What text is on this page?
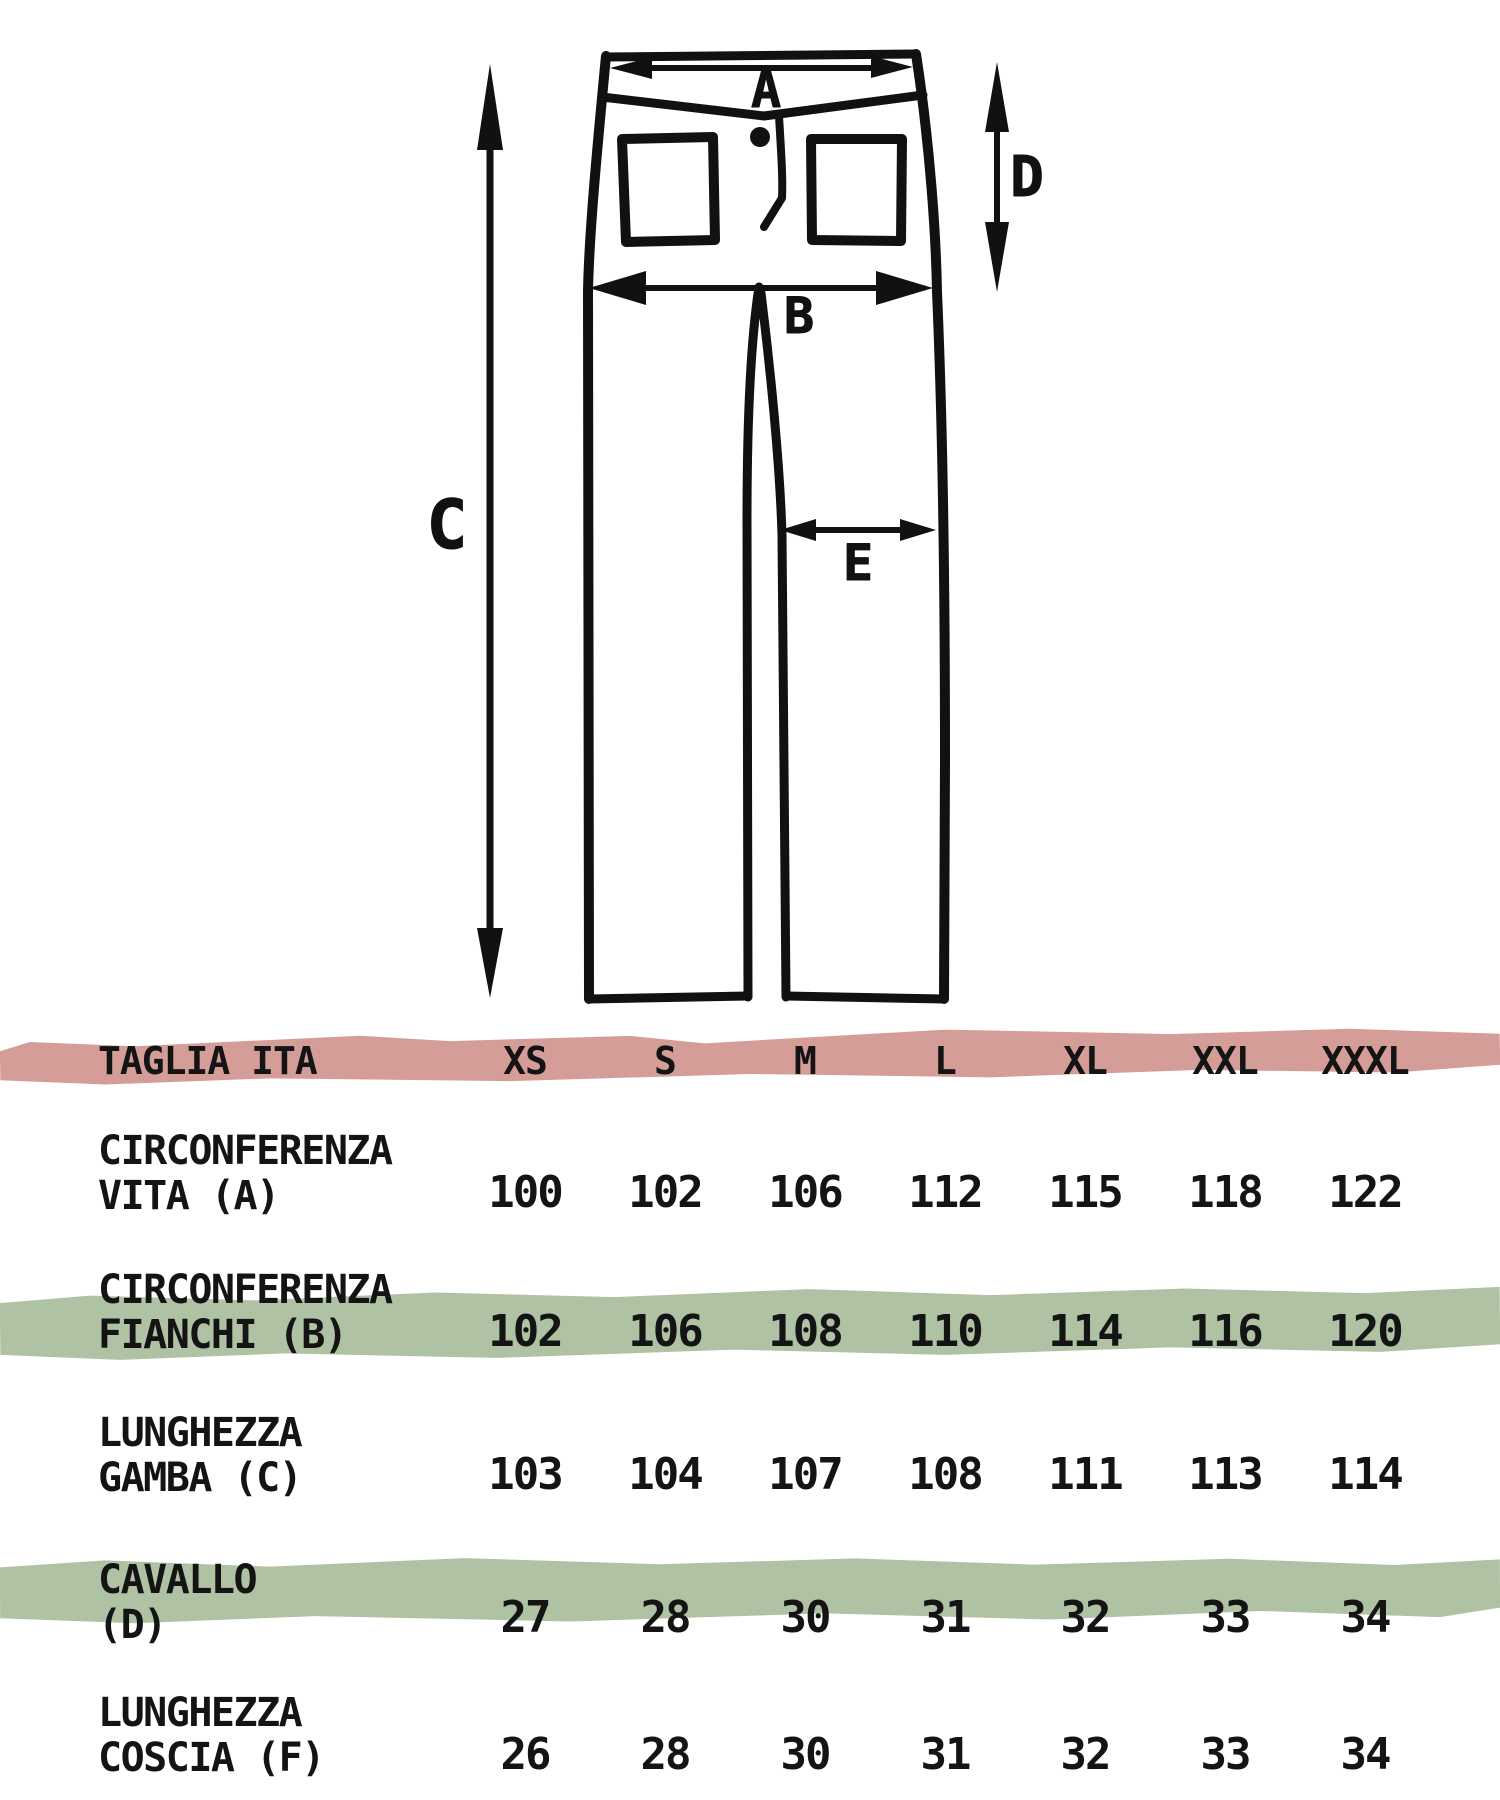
A
B
C
D
E
TAGLIA ITA	XS	S	M	L	XL	XXL	XXXL
CIRCONFERENZA
VITA (A)	100	102	106	112	115	118	122
CIRCONFERENZA
FIANCHI (B)	102	106	108	110	114	116	120
LUNGHEZZA
GAMBA (C)	103	104	107	108	111	113	114
CAVALLO
(D)	27	28	30	31	32	33	34
LUNGHEZZA
COSCIA (F)	26	28	30	31	32	33	34
